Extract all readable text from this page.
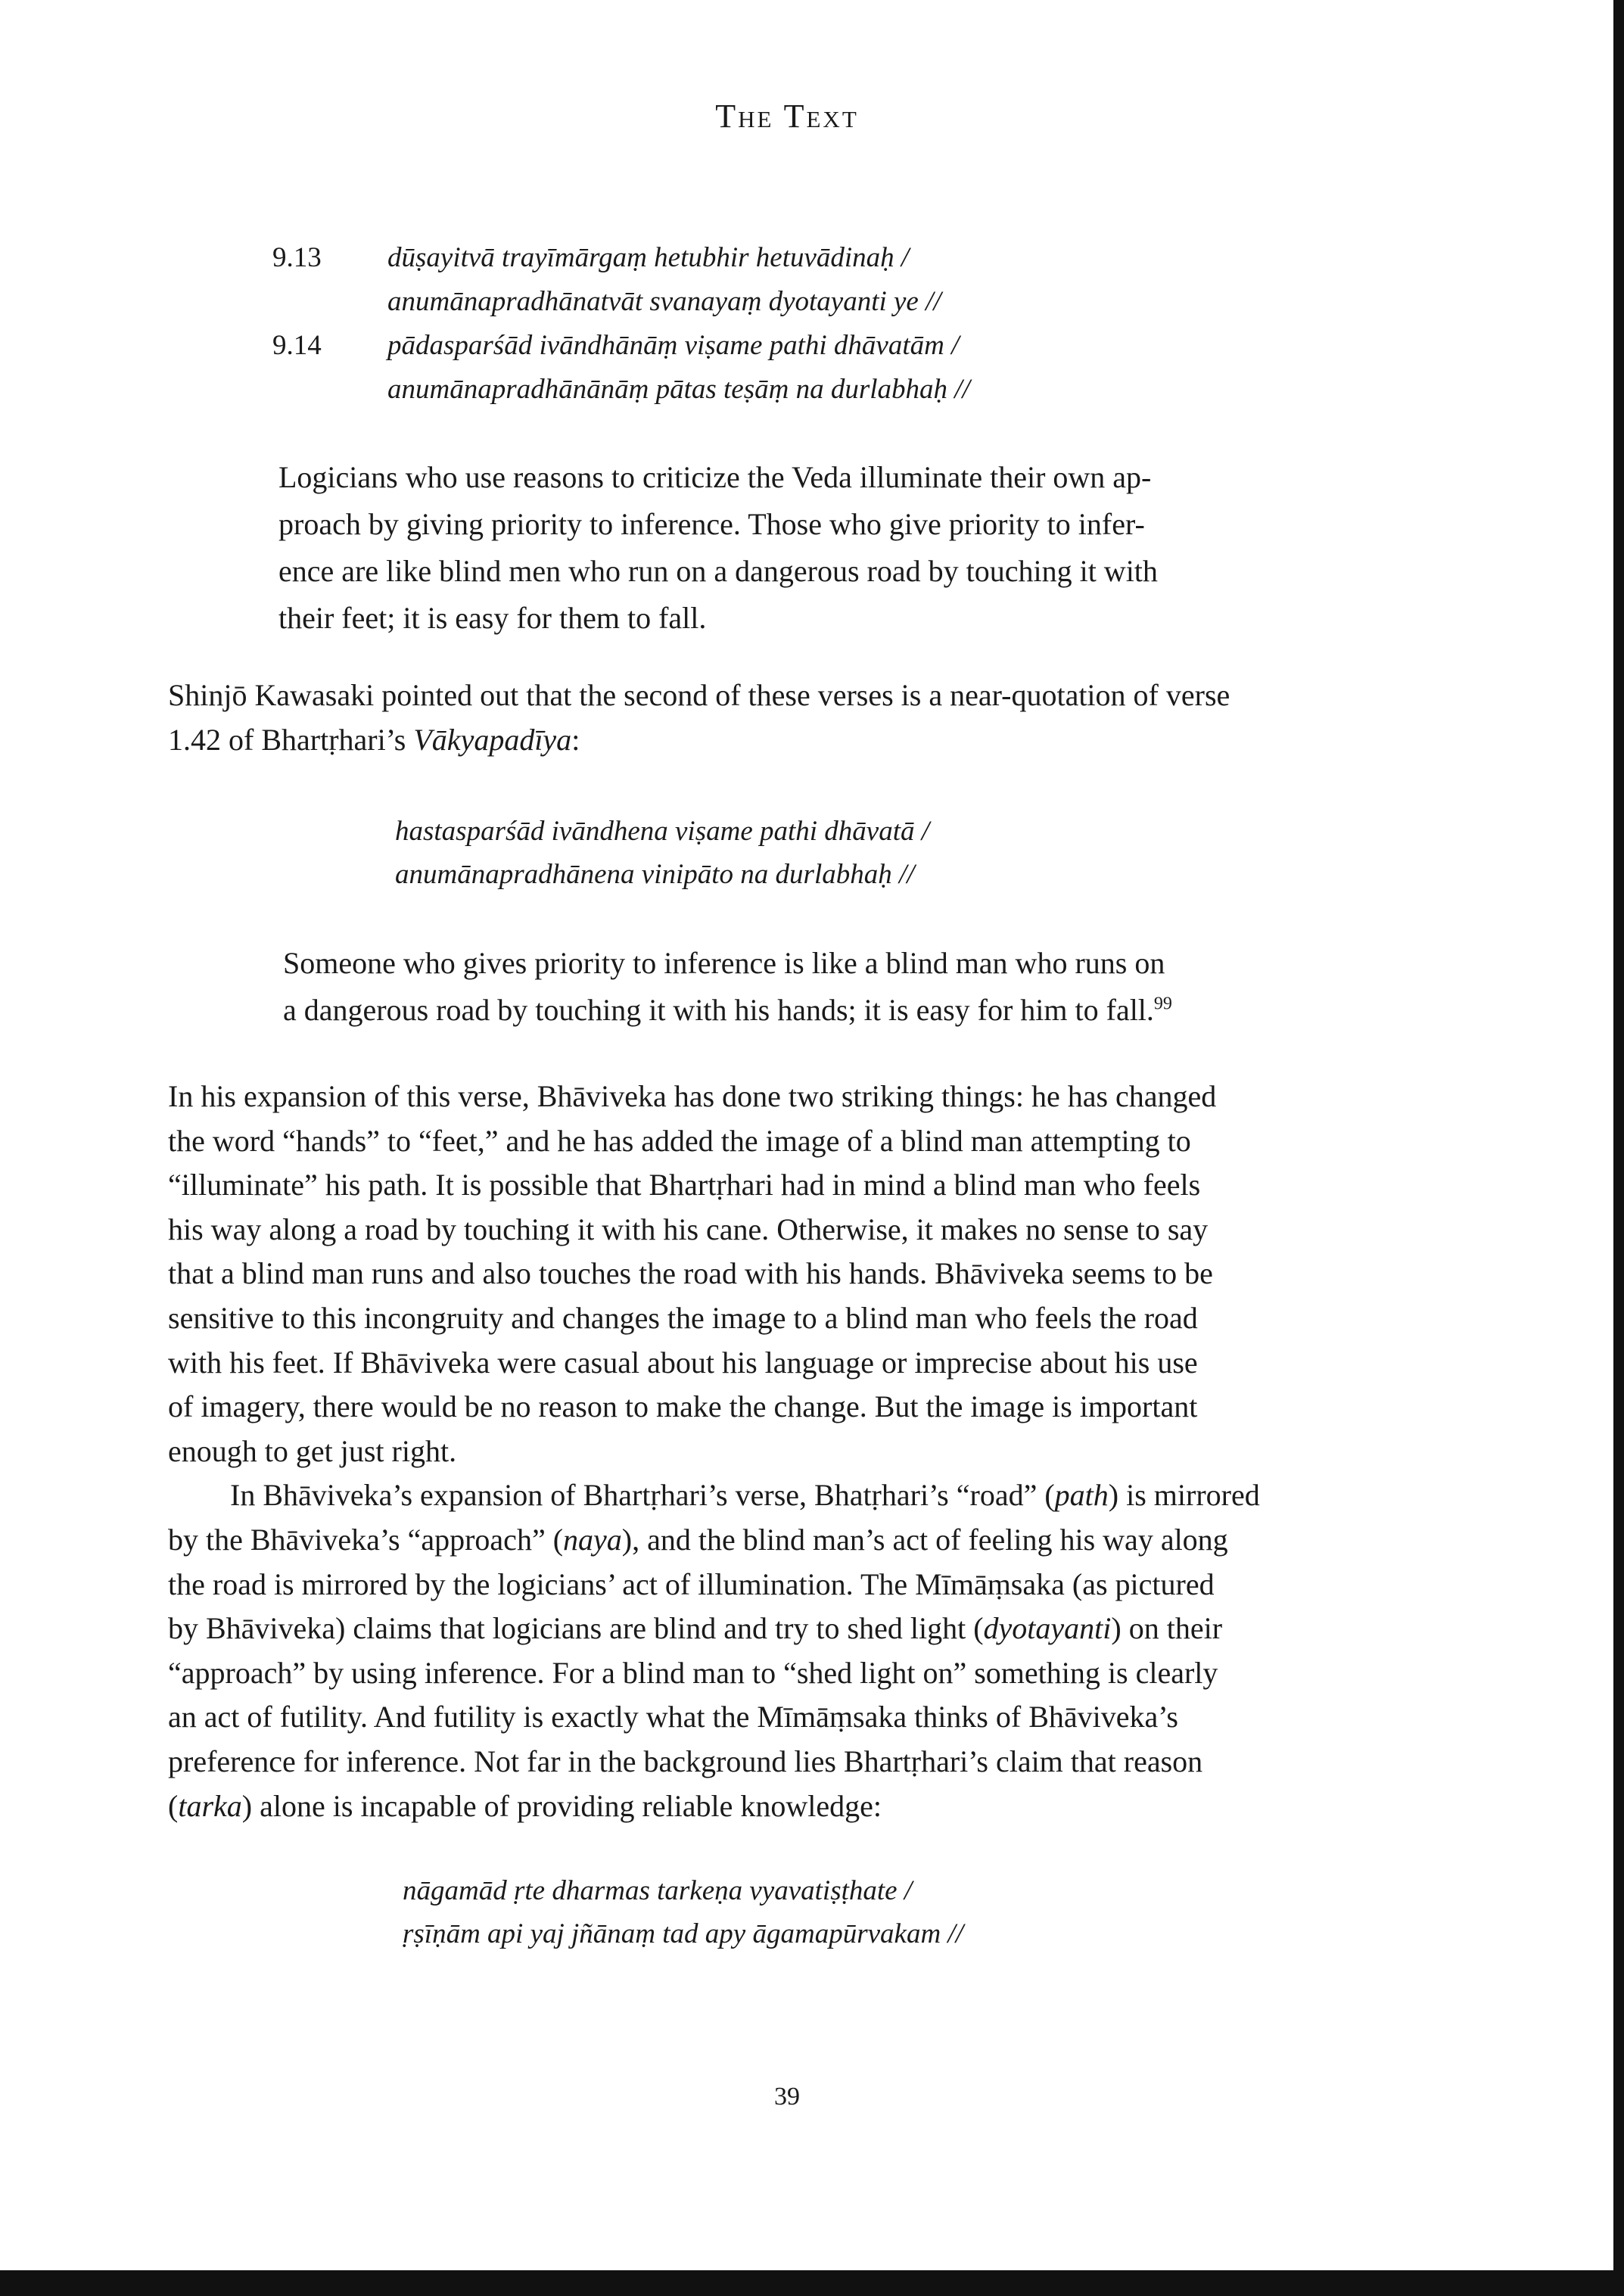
The Text
9.13	dūṣayitvā trayīmārgaṃ hetubhir hetuvādinaḥ /
anumānapradhānatvāt svanayaṃ dyotayanti ye //
9.14	pādasparśād ivāndhānāṃ viṣame pathi dhāvatām /
anumānapradhānānāṃ pātas teṣāṃ na durlabhaḥ //
Logicians who use reasons to criticize the Veda illuminate their own ap-
proach by giving priority to inference. Those who give priority to infer-
ence are like blind men who run on a dangerous road by touching it with
their feet; it is easy for them to fall.
Shinjō Kawasaki pointed out that the second of these verses is a near-quotation of verse
1.42 of Bhartṛhari’s Vākyapadīya:
hastasparśād ivāndhena viṣame pathi dhāvatā /
anumānapradhānena vinipāto na durlabhaḥ //
Someone who gives priority to inference is like a blind man who runs on
a dangerous road by touching it with his hands; it is easy for him to fall.$^{99}$
In his expansion of this verse, Bhāviveka has done two striking things: he has changed
the word “hands” to “feet,” and he has added the image of a blind man attempting to
“illuminate” his path. It is possible that Bhartṛhari had in mind a blind man who feels
his way along a road by touching it with his cane. Otherwise, it makes no sense to say
that a blind man runs and also touches the road with his hands. Bhāviveka seems to be
sensitive to this incongruity and changes the image to a blind man who feels the road
with his feet. If Bhāviveka were casual about his language or imprecise about his use
of imagery, there would be no reason to make the change. But the image is important
enough to get just right.
In Bhāviveka’s expansion of Bhartṛhari’s verse, Bhatṛhari’s “road” (path) is mirrored
by the Bhāviveka’s “approach” (naya), and the blind man’s act of feeling his way along
the road is mirrored by the logicians’ act of illumination. The Mīmāṃsaka (as pictured
by Bhāviveka) claims that logicians are blind and try to shed light (dyotayanti) on their
“approach” by using inference. For a blind man to “shed light on” something is clearly
an act of futility. And futility is exactly what the Mīmāṃsaka thinks of Bhāviveka’s
preference for inference. Not far in the background lies Bhartṛhari’s claim that reason
(tarka) alone is incapable of providing reliable knowledge:
nāgamād ṛte dharmas tarkeṇa vyavatiṣṭhate /
ṛṣīṇām api yaj jñānaṃ tad apy āgamapūrvakam //
39
